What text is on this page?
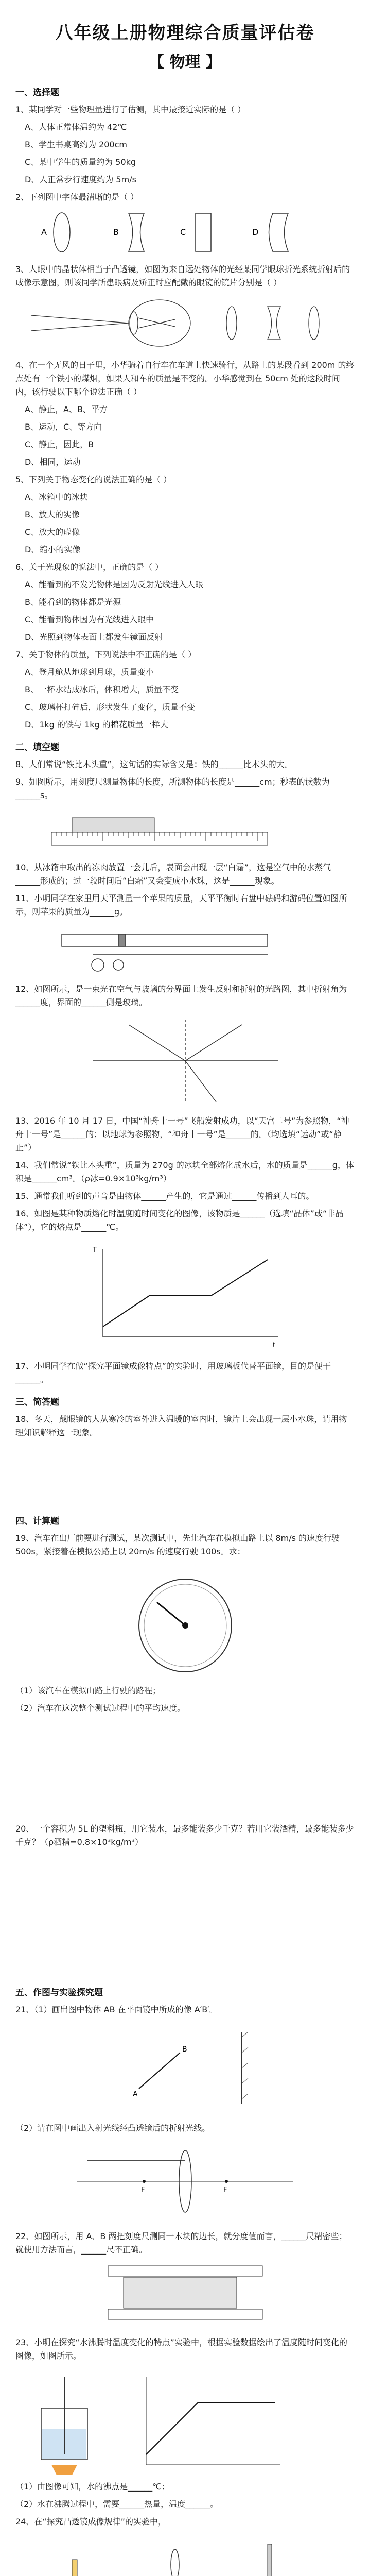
八年级上册物理综合质量评估卷
【 物理 】
一、选择题

1、某同学对一些物理量进行了估测，其中最接近实际的是（ ）

A、人体正常体温约为 42℃

B、学生书桌高约为 200cm

C、某中学生的质量约为 50kg

D、人正常步行速度约为 5m/s

2、下列图中字体最清晰的是（ ）

A	B	C	D

3、人眼中的晶状体相当于凸透镜，如图为来自远处物体的光经某同学眼球折光系统折射后的成像示意图，则该同学所患眼病及矫正时应配戴的眼镜的镜片分别是（ ）

4、在一个无风的日子里，小华骑着自行车在车道上快速骑行，从路上的某段看到 200m 的终点处有一个铁小的煤烟，如果人和车的质量是不变的。小华感觉到在 50cm 处的这段时间内，该行驶以下哪个说法正确（ ）

A、静止，A、B、平方

B、运动，C、等方向

C、静止，因此，B

D、相同，运动

5、下列关于物态变化的说法正确的是（ ）

A、冰箱中的冰块

B、放大的实像

C、放大的虚像

D、缩小的实像

6、关于光现象的说法中，正确的是（ ）

A、能看到的不发光物体是因为反射光线进入人眼

B、能看到的物体都是光源

C、能看到物体因为有光线进入眼中

D、光照到物体表面上都发生镜面反射

7、关于物体的质量，下列说法中不正确的是（ ）

A、登月舱从地球到月球，质量变小

B、一杯水结成冰后，体积增大，质量不变

C、玻璃杯打碎后，形状发生了变化，质量不变

D、1kg 的铁与 1kg 的棉花质量一样大

二、填空题

8、人们常说“铁比木头重”，这句话的实际含义是：铁的______比木头的大。

9、如图所示，用刻度尺测量物体的长度，所测物体的长度是______cm；秒表的读数为______s。

10、从冰箱中取出的冻肉放置一会儿后，表面会出现一层“白霜”，这是空气中的水蒸气______形成的；过一段时间后“白霜”又会变成小水珠，这是______现象。

11、小明同学在家里用天平测量一个苹果的质量，天平平衡时右盘中砝码和游码位置如图所示，则苹果的质量为______g。

12、如图所示，是一束光在空气与玻璃的分界面上发生反射和折射的光路图，其中折射角为______度，界面的______侧是玻璃。

13、2016 年 10 月 17 日，中国“神舟十一号”飞船发射成功，以“天宫二号”为参照物，“神舟十一号”是______的；以地球为参照物，“神舟十一号”是______的。（均选填“运动”或“静止”）

14、我们常说“铁比木头重”，质量为 270g 的冰块全部熔化成水后，水的质量是______g，体积是______cm³。（ρ冰=0.9×10³kg/m³）

15、通常我们听到的声音是由物体______产生的，它是通过______传播到人耳的。

16、如图是某种物质熔化时温度随时间变化的图像，该物质是______（选填“晶体”或“非晶体”），它的熔点是______℃。

t
T

17、小明同学在做“探究平面镜成像特点”的实验时，用玻璃板代替平面镜，目的是便于______。

三、简答题

18、冬天，戴眼镜的人从寒冷的室外进入温暖的室内时，镜片上会出现一层小水珠，请用物理知识解释这一现象。

四、计算题

19、汽车在出厂前要进行测试，某次测试中，先让汽车在模拟山路上以 8m/s 的速度行驶 500s，紧接着在模拟公路上以 20m/s 的速度行驶 100s。求：

（1）该汽车在模拟山路上行驶的路程；

（2）汽车在这次整个测试过程中的平均速度。

20、一个容积为 5L 的塑料瓶，用它装水，最多能装多少千克？若用它装酒精，最多能装多少千克？（ρ酒精=0.8×10³kg/m³）

五、作图与实验探究题

21、（1）画出图中物体 AB 在平面镜中所成的像 A′B′。

A
B

（2）请在图中画出入射光线经凸透镜后的折射光线。

F	F

22、如图所示，用 A、B 两把刻度尺测同一木块的边长，就分度值而言，______尺精密些；就使用方法而言，______尺不正确。

23、小明在探究“水沸腾时温度变化的特点”实验中，根据实验数据绘出了温度随时间变化的图像，如图所示。

（1）由图像可知，水的沸点是______℃；

（2）水在沸腾过程中，需要______热量，温度______。

24、在“探究凸透镜成像规律”的实验中，
